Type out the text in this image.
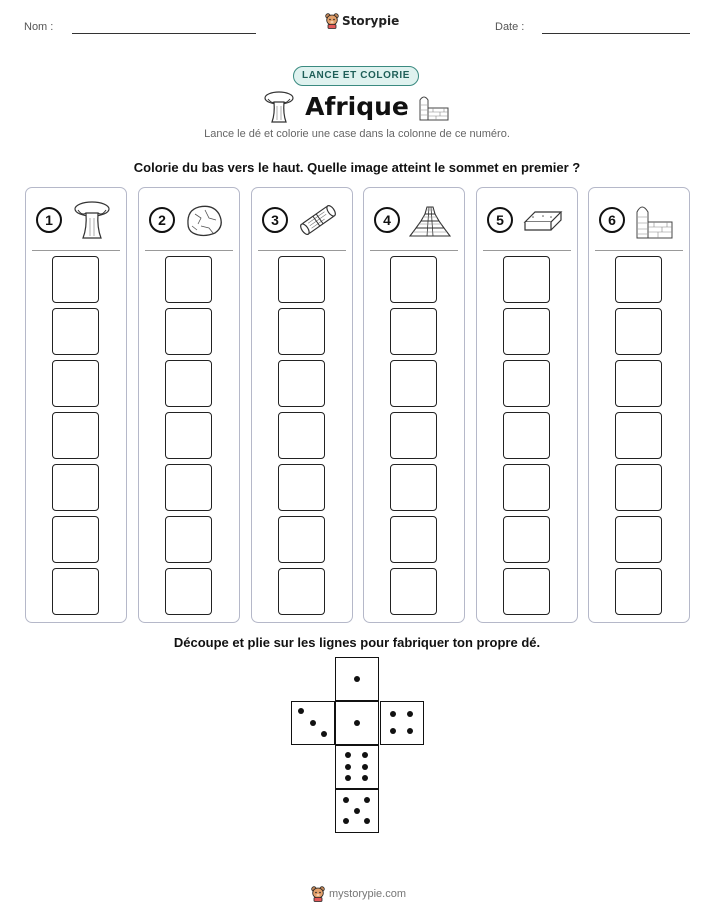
Nom :	Storypie	Date :
LANCE ET COLORIE
Afrique
Lance le dé et colorie une case dans la colonne de ce numéro.
Colorie du bas vers le haut. Quelle image atteint le sommet en premier ?
1	2	3	4	5	6
Découpe et plie sur les lignes pour fabriquer ton propre dé.
mystorypie.com
